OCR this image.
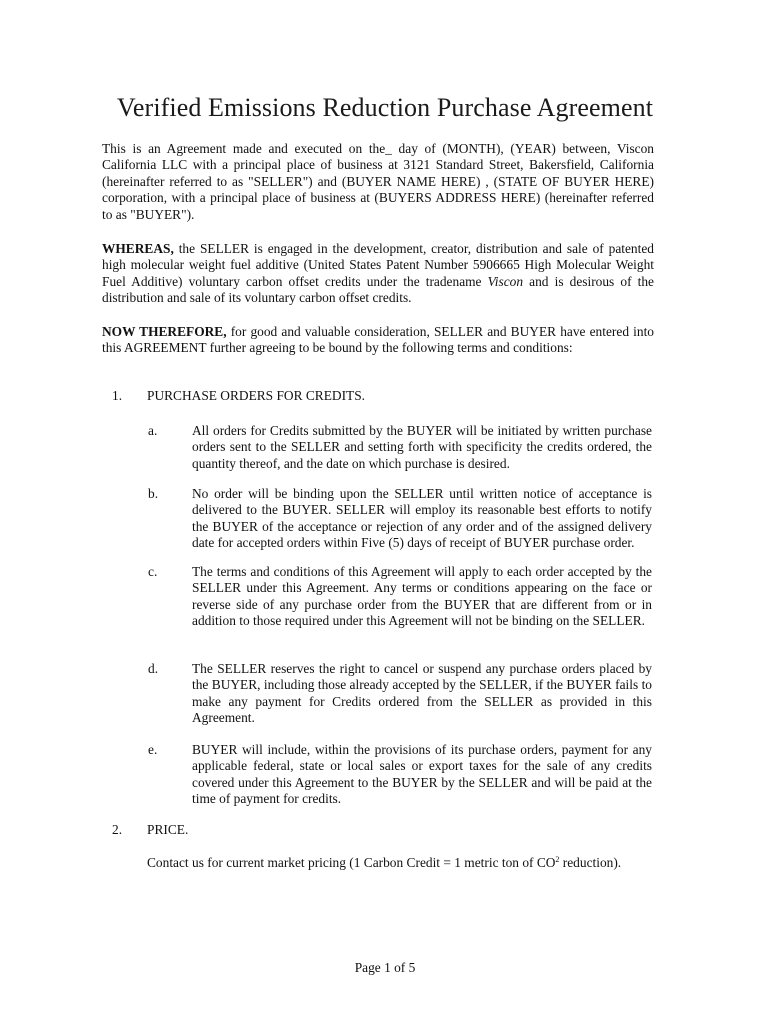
Verified Emissions Reduction Purchase Agreement
This is an Agreement made and executed on the_ day of (MONTH), (YEAR) between, Viscon California LLC with a principal place of business at 3121 Standard Street, Bakersfield, California (hereinafter referred to as "SELLER") and (BUYER NAME HERE) , (STATE OF BUYER HERE) corporation, with a principal place of business at (BUYERS ADDRESS HERE) (hereinafter referred to as "BUYER").
WHEREAS, the SELLER is engaged in the development, creator, distribution and sale of patented high molecular weight fuel additive (United States Patent Number 5906665 High Molecular Weight Fuel Additive) voluntary carbon offset credits under the tradename Viscon and is desirous of the distribution and sale of its voluntary carbon offset credits.
NOW THEREFORE, for good and valuable consideration, SELLER and BUYER have entered into this AGREEMENT further agreeing to be bound by the following terms and conditions:
1. PURCHASE ORDERS FOR CREDITS.
a.	All orders for Credits submitted by the BUYER will be initiated by written purchase orders sent to the SELLER and setting forth with specificity the credits ordered, the quantity thereof, and the date on which purchase is desired.
b.	No order will be binding upon the SELLER until written notice of acceptance is delivered to the BUYER. SELLER will employ its reasonable best efforts to notify the BUYER of the acceptance or rejection of any order and of the assigned delivery date for accepted orders within Five (5) days of receipt of BUYER purchase order.
c.	The terms and conditions of this Agreement will apply to each order accepted by the SELLER under this Agreement. Any terms or conditions appearing on the face or reverse side of any purchase order from the BUYER that are different from or in addition to those required under this Agreement will not be binding on the SELLER.
d.	The SELLER reserves the right to cancel or suspend any purchase orders placed by the BUYER, including those already accepted by the SELLER, if the BUYER fails to make any payment for Credits ordered from the SELLER as provided in this Agreement.
e.	BUYER will include, within the provisions of its purchase orders, payment for any applicable federal, state or local sales or export taxes for the sale of any credits covered under this Agreement to the BUYER by the SELLER and will be paid at the time of payment for credits.
2. PRICE.
Contact us for current market pricing (1 Carbon Credit = 1 metric ton of $CO^2$ reduction).
Page 1 of 5
